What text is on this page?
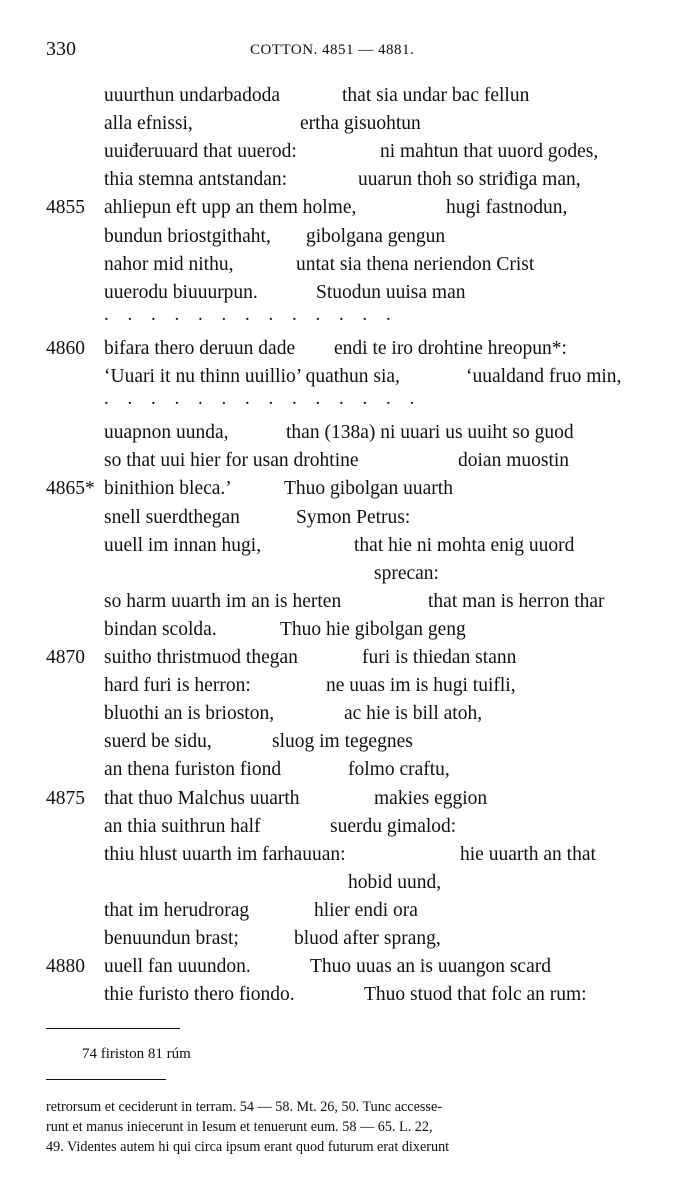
330	COTTON. 4851 — 4881.
uuurthun undarbadoda	that sia undar bac fellun
alla efnissi,	ertha gisuohtun
uuiđeruuard that uuerod:	ni mahtun that uuord godes,
thia stemna antstandan:	uuarun thoh so striđiga man,
4855 ahliepun eft upp an them holme,	hugi fastnodun,
bundun briostgithaht, gibolgana gengun
nahor mid nithu,	untat sia thena neriendon Crist
uuerodu biuuurpun.	Stuodun uuisa man
. . . . . . . . . . . . .
4860 bifara thero deruun dade endi te iro drohtine hreopun*:
‘Uuari it nu thinn uuillio’ quathun sia,	‘uualdand fruo min,
. . . . . . . . . . . . . .
uuapnon uunda,	than (138a) ni uuari us uuiht so guod
so that uui hier for usan drohtine	doian muostin
4865* binithion bleca.’	Thuo gibolgan uuarth
snell suerdthegan	Symon Petrus:
uuell im innan hugi,	that hie ni mohta enig uuord
sprecan:
so harm uuarth im an is herten	that man is herron thar
bindan scolda.	Thuo hie gibolgan geng
4870 suitho thristmuod thegan	furi is thiedan stann
hard furi is herron:	ne uuas im is hugi tuifli,
bluothi an is brioston,	ac hie is bill atoh,
suerd be sidu,	sluog im tegegnes
an thena furiston fiond	folmo craftu,
4875 that thuo Malchus uuarth	makies eggion
an thia suithrun half	suerdu gimalod:
thiu hlust uuarth im farhauuan:	hie uuarth an that
hobid uund,
that im herudrorag	hlier endi ora
benuundun brast;	bluod after sprang,
4880 uuell fan uuundon.	Thuo uuas an is uuangon scard
thie furisto thero fiondo.	Thuo stuod that folc an rum:
74 firiston 81 rúm

retrorsum et ceciderunt in terram. 54 — 58. Mt. 26, 50. Tunc accesse-

runt et manus iniecerunt in Iesum et tenuerunt eum. 58 — 65. L. 22,

49. Videntes autem hi qui circa ipsum erant quod futurum erat dixerunt
